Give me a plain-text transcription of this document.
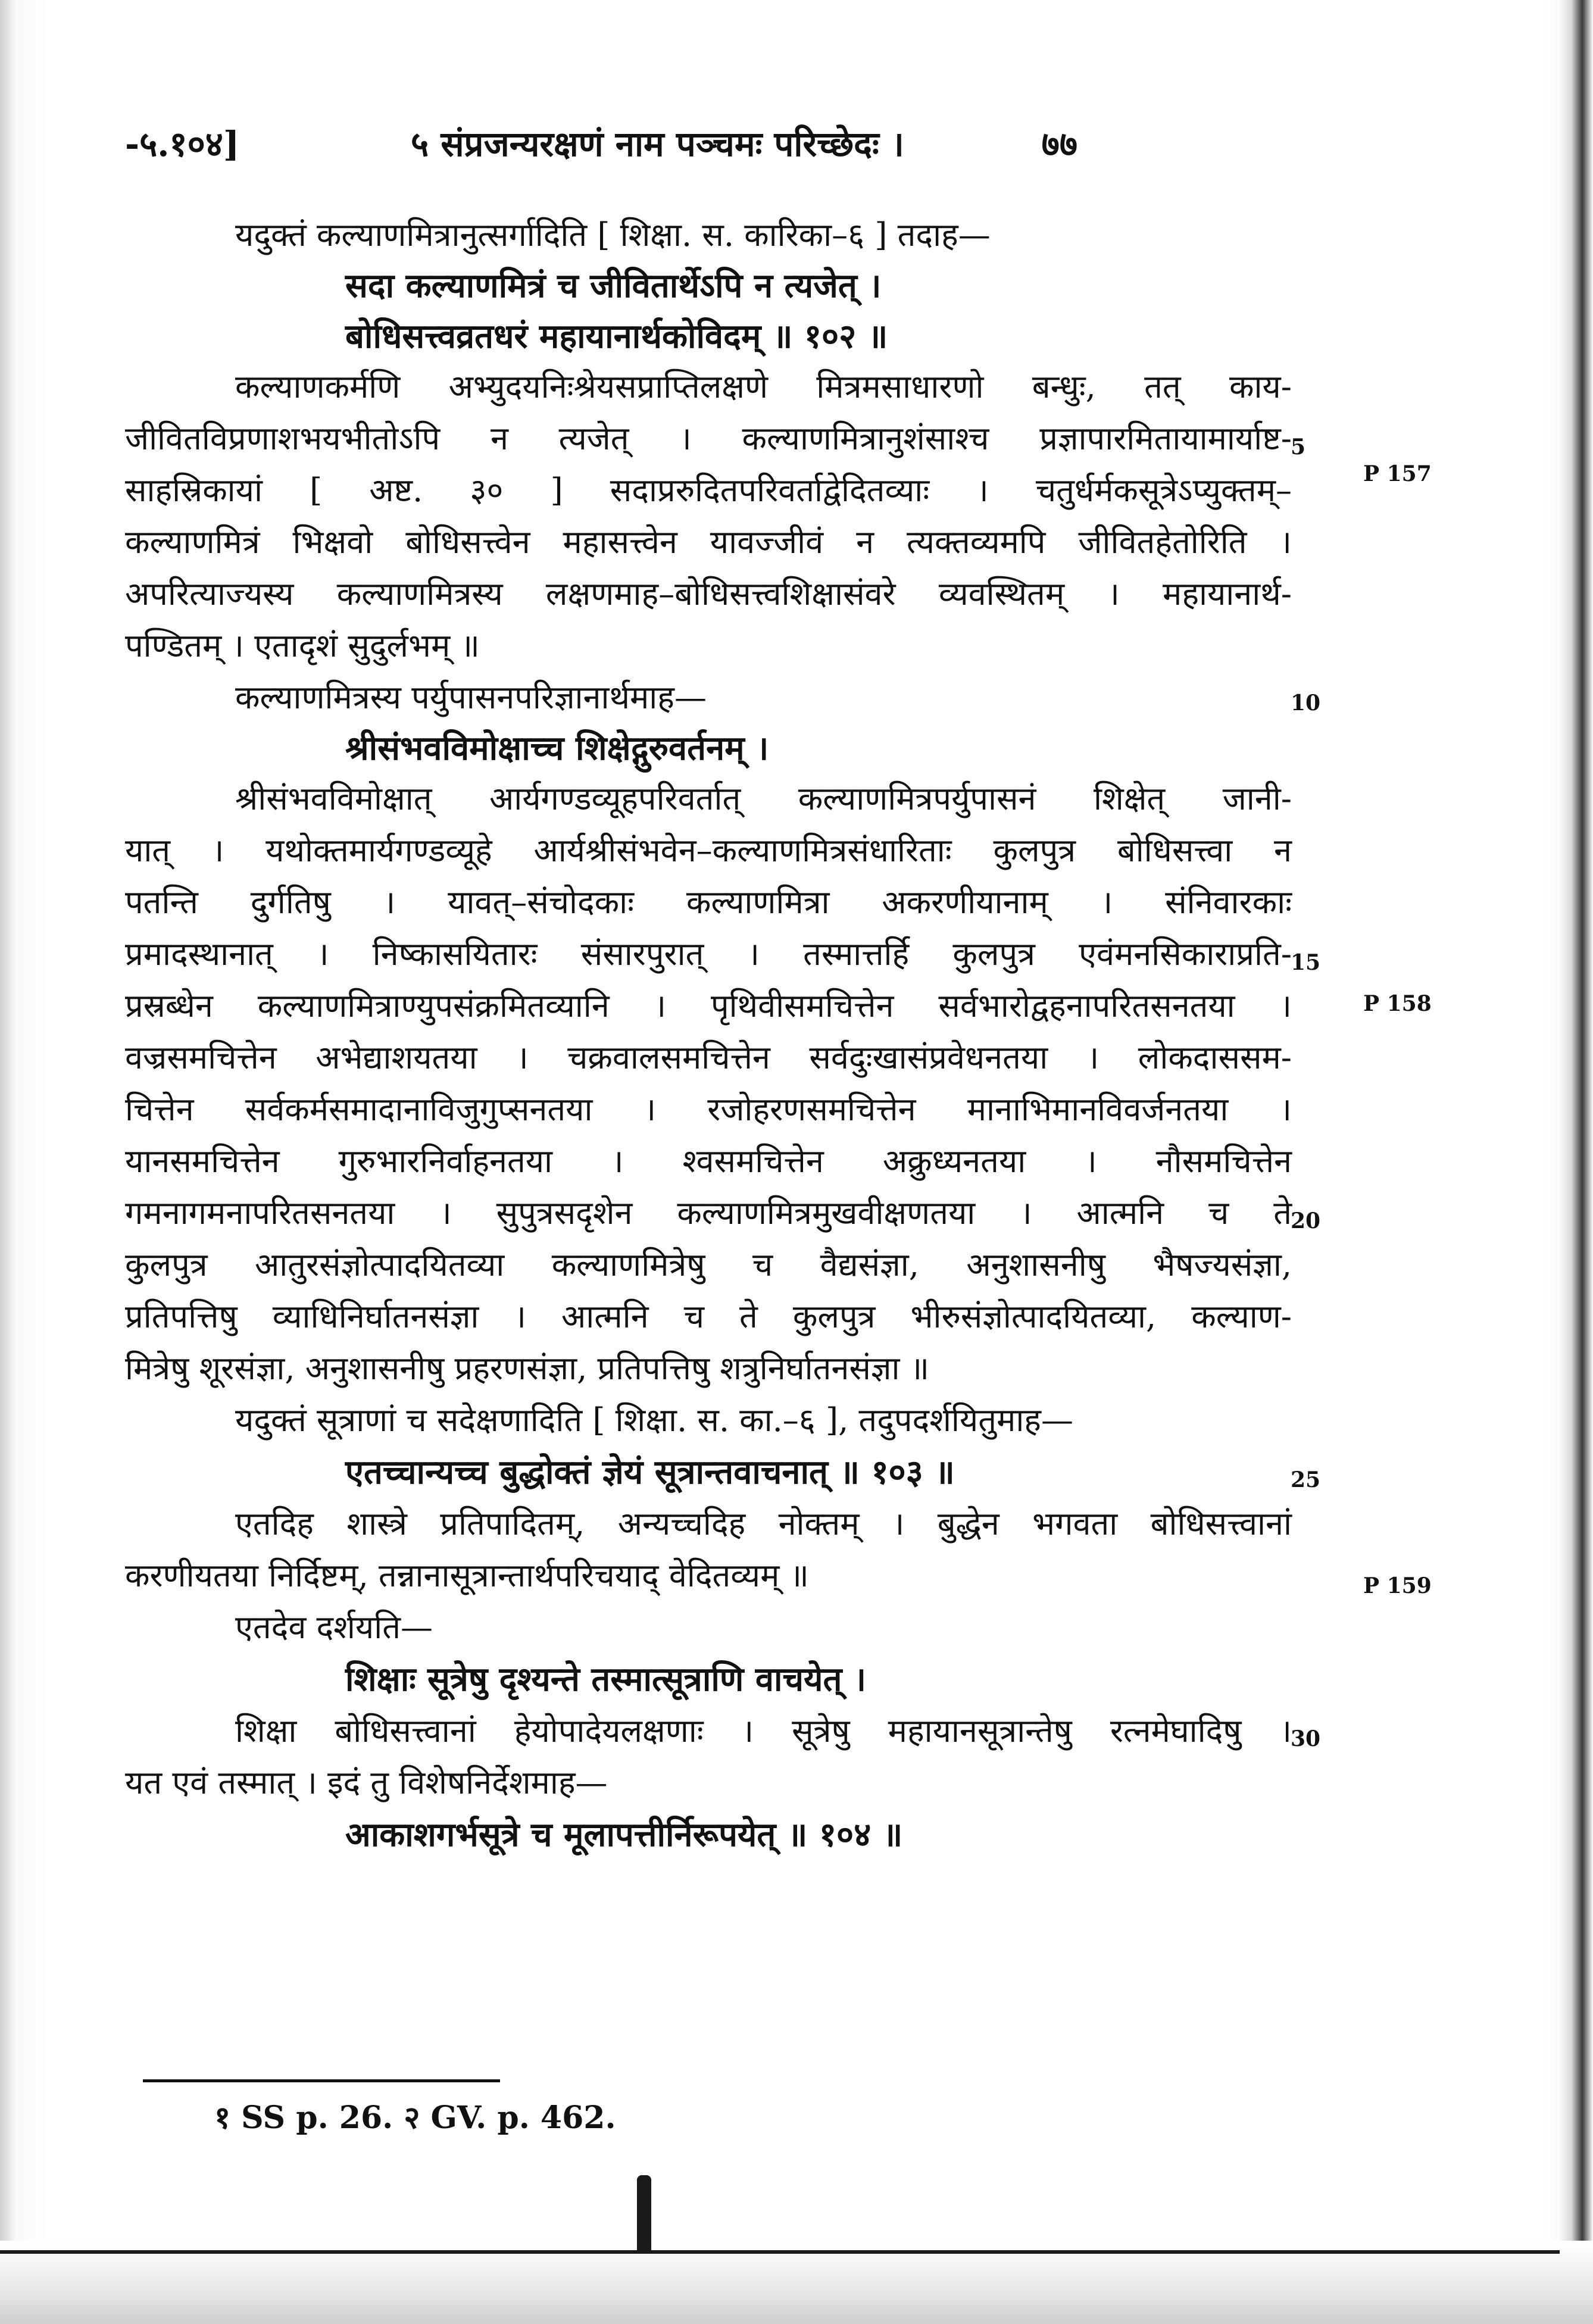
-५.१०४]	५ संप्रजन्यरक्षणं नाम पञ्चमः परिच्छेदः ।	७७
यदुक्तं कल्याणमित्रानुत्सर्गादिति [ शिक्षा. स. कारिका–६ ] तदाह—
सदा कल्याणमित्रं च जीवितार्थेऽपि न त्यजेत् ।
बोधिसत्त्वव्रतधरं महायानार्थकोविदम् ॥ १०२ ॥
कल्याणकर्मणि अभ्युदयनिःश्रेयसप्राप्तिलक्षणे मित्रमसाधारणो बन्धुः, तत् काय-
जीवितविप्रणाशभयभीतोऽपि न त्यजेत् । कल्याणमित्रानुशंसाश्च प्रज्ञापारमितायामार्याष्ट-
साहस्रिकायां [ अष्ट. ३० ] सदाप्ररुदितपरिवर्ताद्वेदितव्याः । चतुर्धर्मकसूत्रेऽप्युक्तम्–
कल्याणमित्रं भिक्षवो बोधिसत्त्वेन महासत्त्वेन यावज्जीवं न त्यक्तव्यमपि जीवितहेतोरिति ।
अपरित्याज्यस्य कल्याणमित्रस्य लक्षणमाह–बोधिसत्त्वशिक्षासंवरे व्यवस्थितम् । महायानार्थ-
पण्डितम् । एतादृशं सुदुर्लभम् ॥
कल्याणमित्रस्य पर्युपासनपरिज्ञानार्थमाह—
श्रीसंभवविमोक्षाच्च शिक्षेद्गुरुवर्तनम् ।
श्रीसंभवविमोक्षात् आर्यगण्डव्यूहपरिवर्तात् कल्याणमित्रपर्युपासनं शिक्षेत् जानी-
यात् । यथोक्तमार्यगण्डव्यूहे आर्यश्रीसंभवेन–कल्याणमित्रसंधारिताः कुलपुत्र बोधिसत्त्वा न
पतन्ति दुर्गतिषु । यावत्–संचोदकाः कल्याणमित्रा अकरणीयानाम् । संनिवारकाः
प्रमादस्थानात् । निष्कासयितारः संसारपुरात् । तस्मात्तर्हि कुलपुत्र एवंमनसिकाराप्रति-
प्रस्रब्धेन कल्याणमित्राण्युपसंक्रमितव्यानि । पृथिवीसमचित्तेन सर्वभारोद्वहनापरितसनतया ।
वज्रसमचित्तेन अभेद्याशयतया । चक्रवालसमचित्तेन सर्वदुःखासंप्रवेधनतया । लोकदाससम-
चित्तेन सर्वकर्मसमादानाविजुगुप्सनतया । रजोहरणसमचित्तेन मानाभिमानविवर्जनतया ।
यानसमचित्तेन गुरुभारनिर्वाहनतया । श्वसमचित्तेन अक्रुध्यनतया । नौसमचित्तेन
गमनागमनापरितसनतया । सुपुत्रसदृशेन कल्याणमित्रमुखवीक्षणतया । आत्मनि च ते
कुलपुत्र आतुरसंज्ञोत्पादयितव्या कल्याणमित्रेषु च वैद्यसंज्ञा, अनुशासनीषु भैषज्यसंज्ञा,
प्रतिपत्तिषु व्याधिनिर्घातनसंज्ञा । आत्मनि च ते कुलपुत्र भीरुसंज्ञोत्पादयितव्या, कल्याण-
मित्रेषु शूरसंज्ञा, अनुशासनीषु प्रहरणसंज्ञा, प्रतिपत्तिषु शत्रुनिर्घातनसंज्ञा ॥
यदुक्तं सूत्राणां च सदेक्षणादिति [ शिक्षा. स. का.–६ ], तदुपदर्शयितुमाह—
एतच्चान्यच्च बुद्धोक्तं ज्ञेयं सूत्रान्तवाचनात् ॥ १०३ ॥
एतदिह शास्त्रे प्रतिपादितम्, अन्यच्चदिह नोक्तम् । बुद्धेन भगवता बोधिसत्त्वानां
करणीयतया निर्दिष्टम्, तन्नानासूत्रान्तार्थपरिचयाद् वेदितव्यम् ॥
एतदेव दर्शयति—
शिक्षाः सूत्रेषु दृश्यन्ते तस्मात्सूत्राणि वाचयेत् ।
शिक्षा बोधिसत्त्वानां हेयोपादेयलक्षणाः । सूत्रेषु महायानसूत्रान्तेषु रत्नमेघादिषु ।
यत एवं तस्मात् । इदं तु विशेषनिर्देशमाह—
आकाशगर्भसूत्रे च मूलापत्तीर्निरूपयेत् ॥ १०४ ॥
5
10
15
20
25
30
P 157
P 158
P 159
१ SS p. 26. २ GV. p. 462.
